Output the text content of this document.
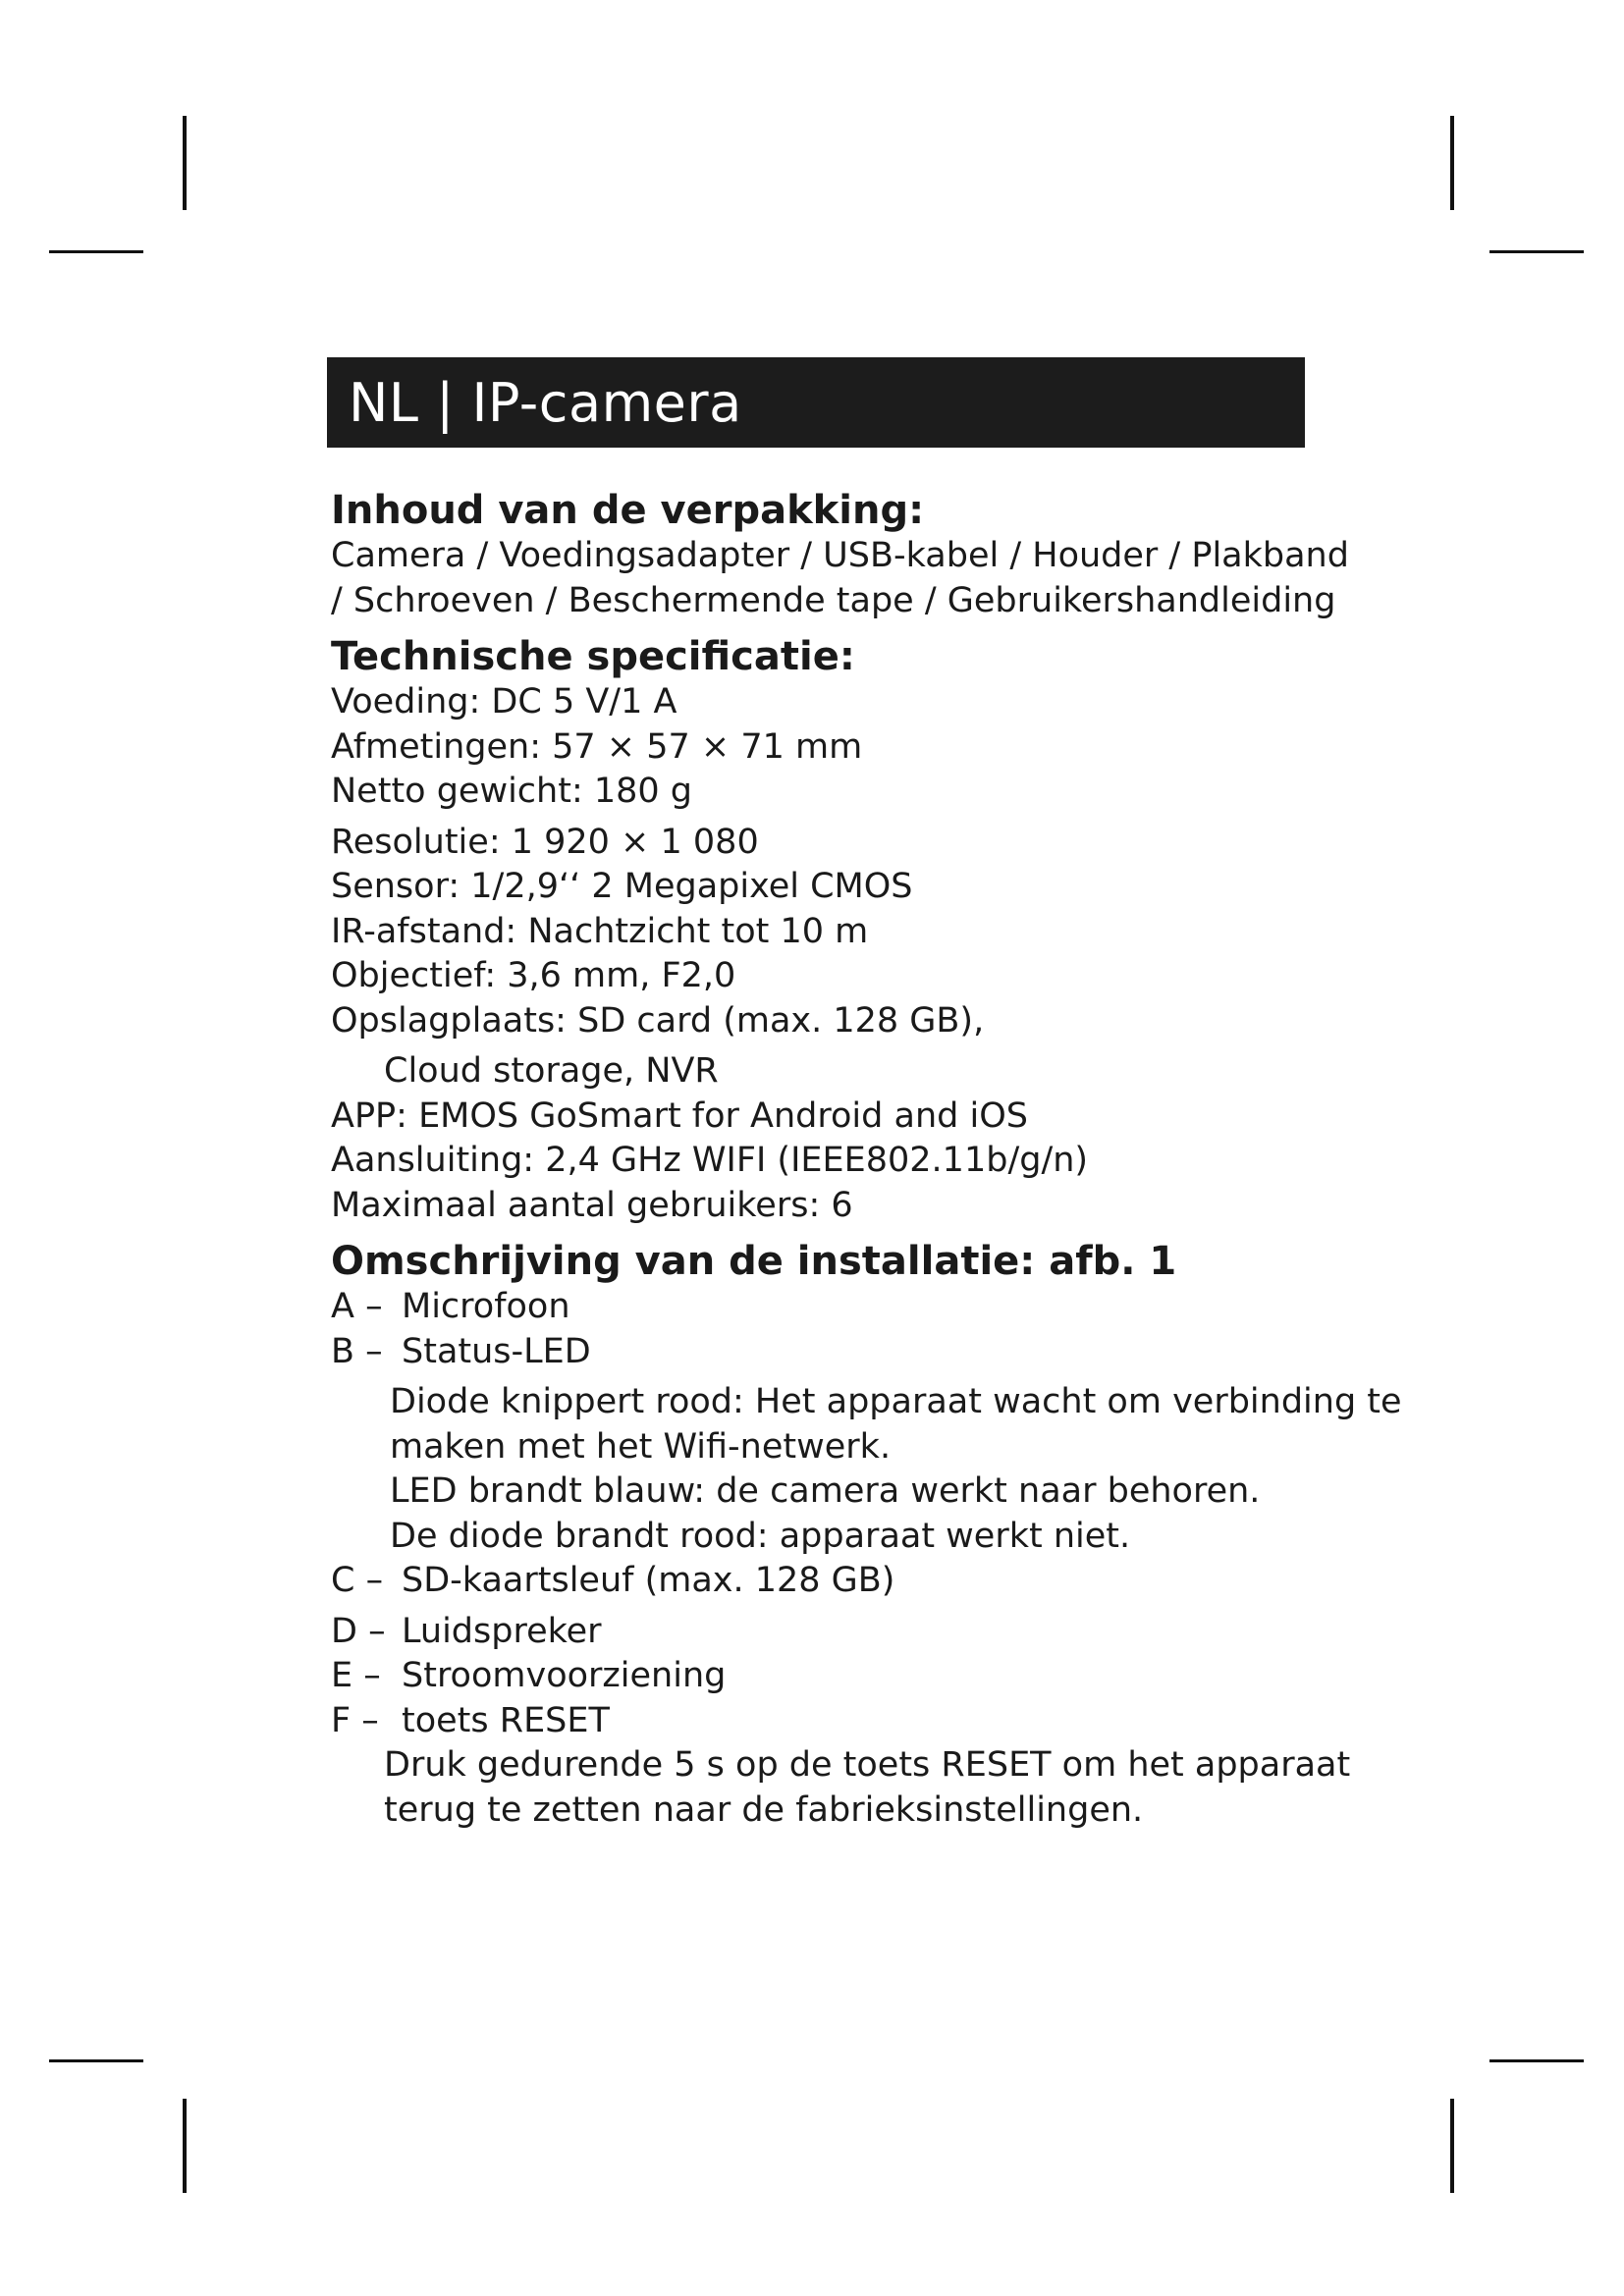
NL | IP-camera
Inhoud van de verpakking:

Camera / Voedingsadapter / USB-kabel / Houder / Plakband

/ Schroeven / Beschermende tape / Gebruikershandleiding

Technische specificatie:

Voeding: DC 5 V/1 A

Afmetingen: 57 × 57 × 71 mm

Netto gewicht: 180 g

Resolutie: 1 920 × 1 080

Sensor: 1/2,9‘‘ 2 Megapixel CMOS

IR-afstand: Nachtzicht tot 10 m

Objectief: 3,6 mm, F2,0

Opslagplaats: SD card (max. 128 GB),

Cloud storage, NVR

APP: EMOS GoSmart for Android and iOS

Aansluiting: 2,4 GHz WIFI (IEEE802.11b/g/n)

Maximaal aantal gebruikers: 6

Omschrijving van de installatie: afb. 1
A – Microfoon
B – Status-LED

Diode knippert rood: Het apparaat wacht om verbinding te

maken met het Wifi-netwerk.

LED brandt blauw: de camera werkt naar behoren.

De diode brandt rood: apparaat werkt niet.

C – SD-kaartsleuf (max. 128 GB)
D – Luidspreker
E – Stroomvoorziening
F – toets RESET

Druk gedurende 5 s op de toets RESET om het apparaat

terug te zetten naar de fabrieksinstellingen.
